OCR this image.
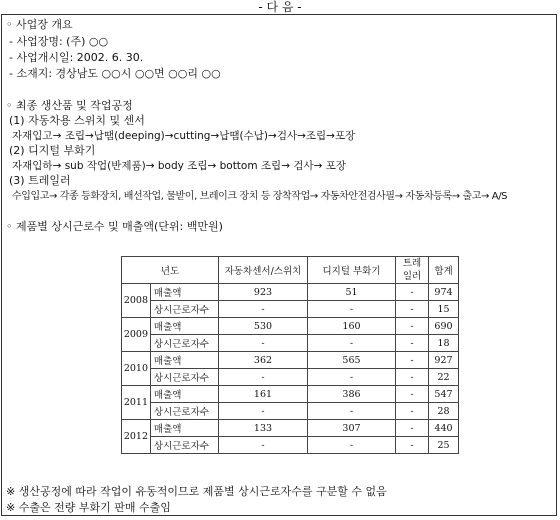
- 다 음 -
◦ 사업장 개요
- 사업장명: (주) ○○
- 사업개시일: 2002. 6. 30.
- 소재지: 경상남도 ○○시 ○○면 ○○리 ○○
◦ 최종 생산품 및 작업공정
(1) 자동차용 스위치 및 센서
자재입고→ 조립→납땜(deeping)→cutting→납땜(수납)→검사→조립→포장
(2) 디지털 부화기
자재입하→ sub 작업(반제품)→ body 조립→ bottom 조립→ 검사→ 포장
(3) 트레일러
수입입고→ 각종 등화장치, 배선작업, 물받이, 브레이크 장치 등 장착작업→ 자동차안전검사필→ 자동차등록→ 출고→ A/S
◦ 제품별 상시근로수 및 매출액(단위: 백만원)
년도		자동차센서/스위치	디지털 부화기	트레
일러	합계
2008	매출액	923	51	-	974
	상시근로자수	-	-	-	15
2009	매출액	530	160	-	690
	상시근로자수	-	-	-	18
2010	매출액	362	565	-	927
	상시근로자수	-	-	-	22
2011	매출액	161	386	-	547
	상시근로자수	-	-	-	28
2012	매출액	133	307	-	440
	상시근로자수	-	-	-	25
※ 생산공정에 따라 작업이 유동적이므로 제품별 상시근로자수를 구분할 수 없음
※ 수출은 전량 부화기 판매 수출임
